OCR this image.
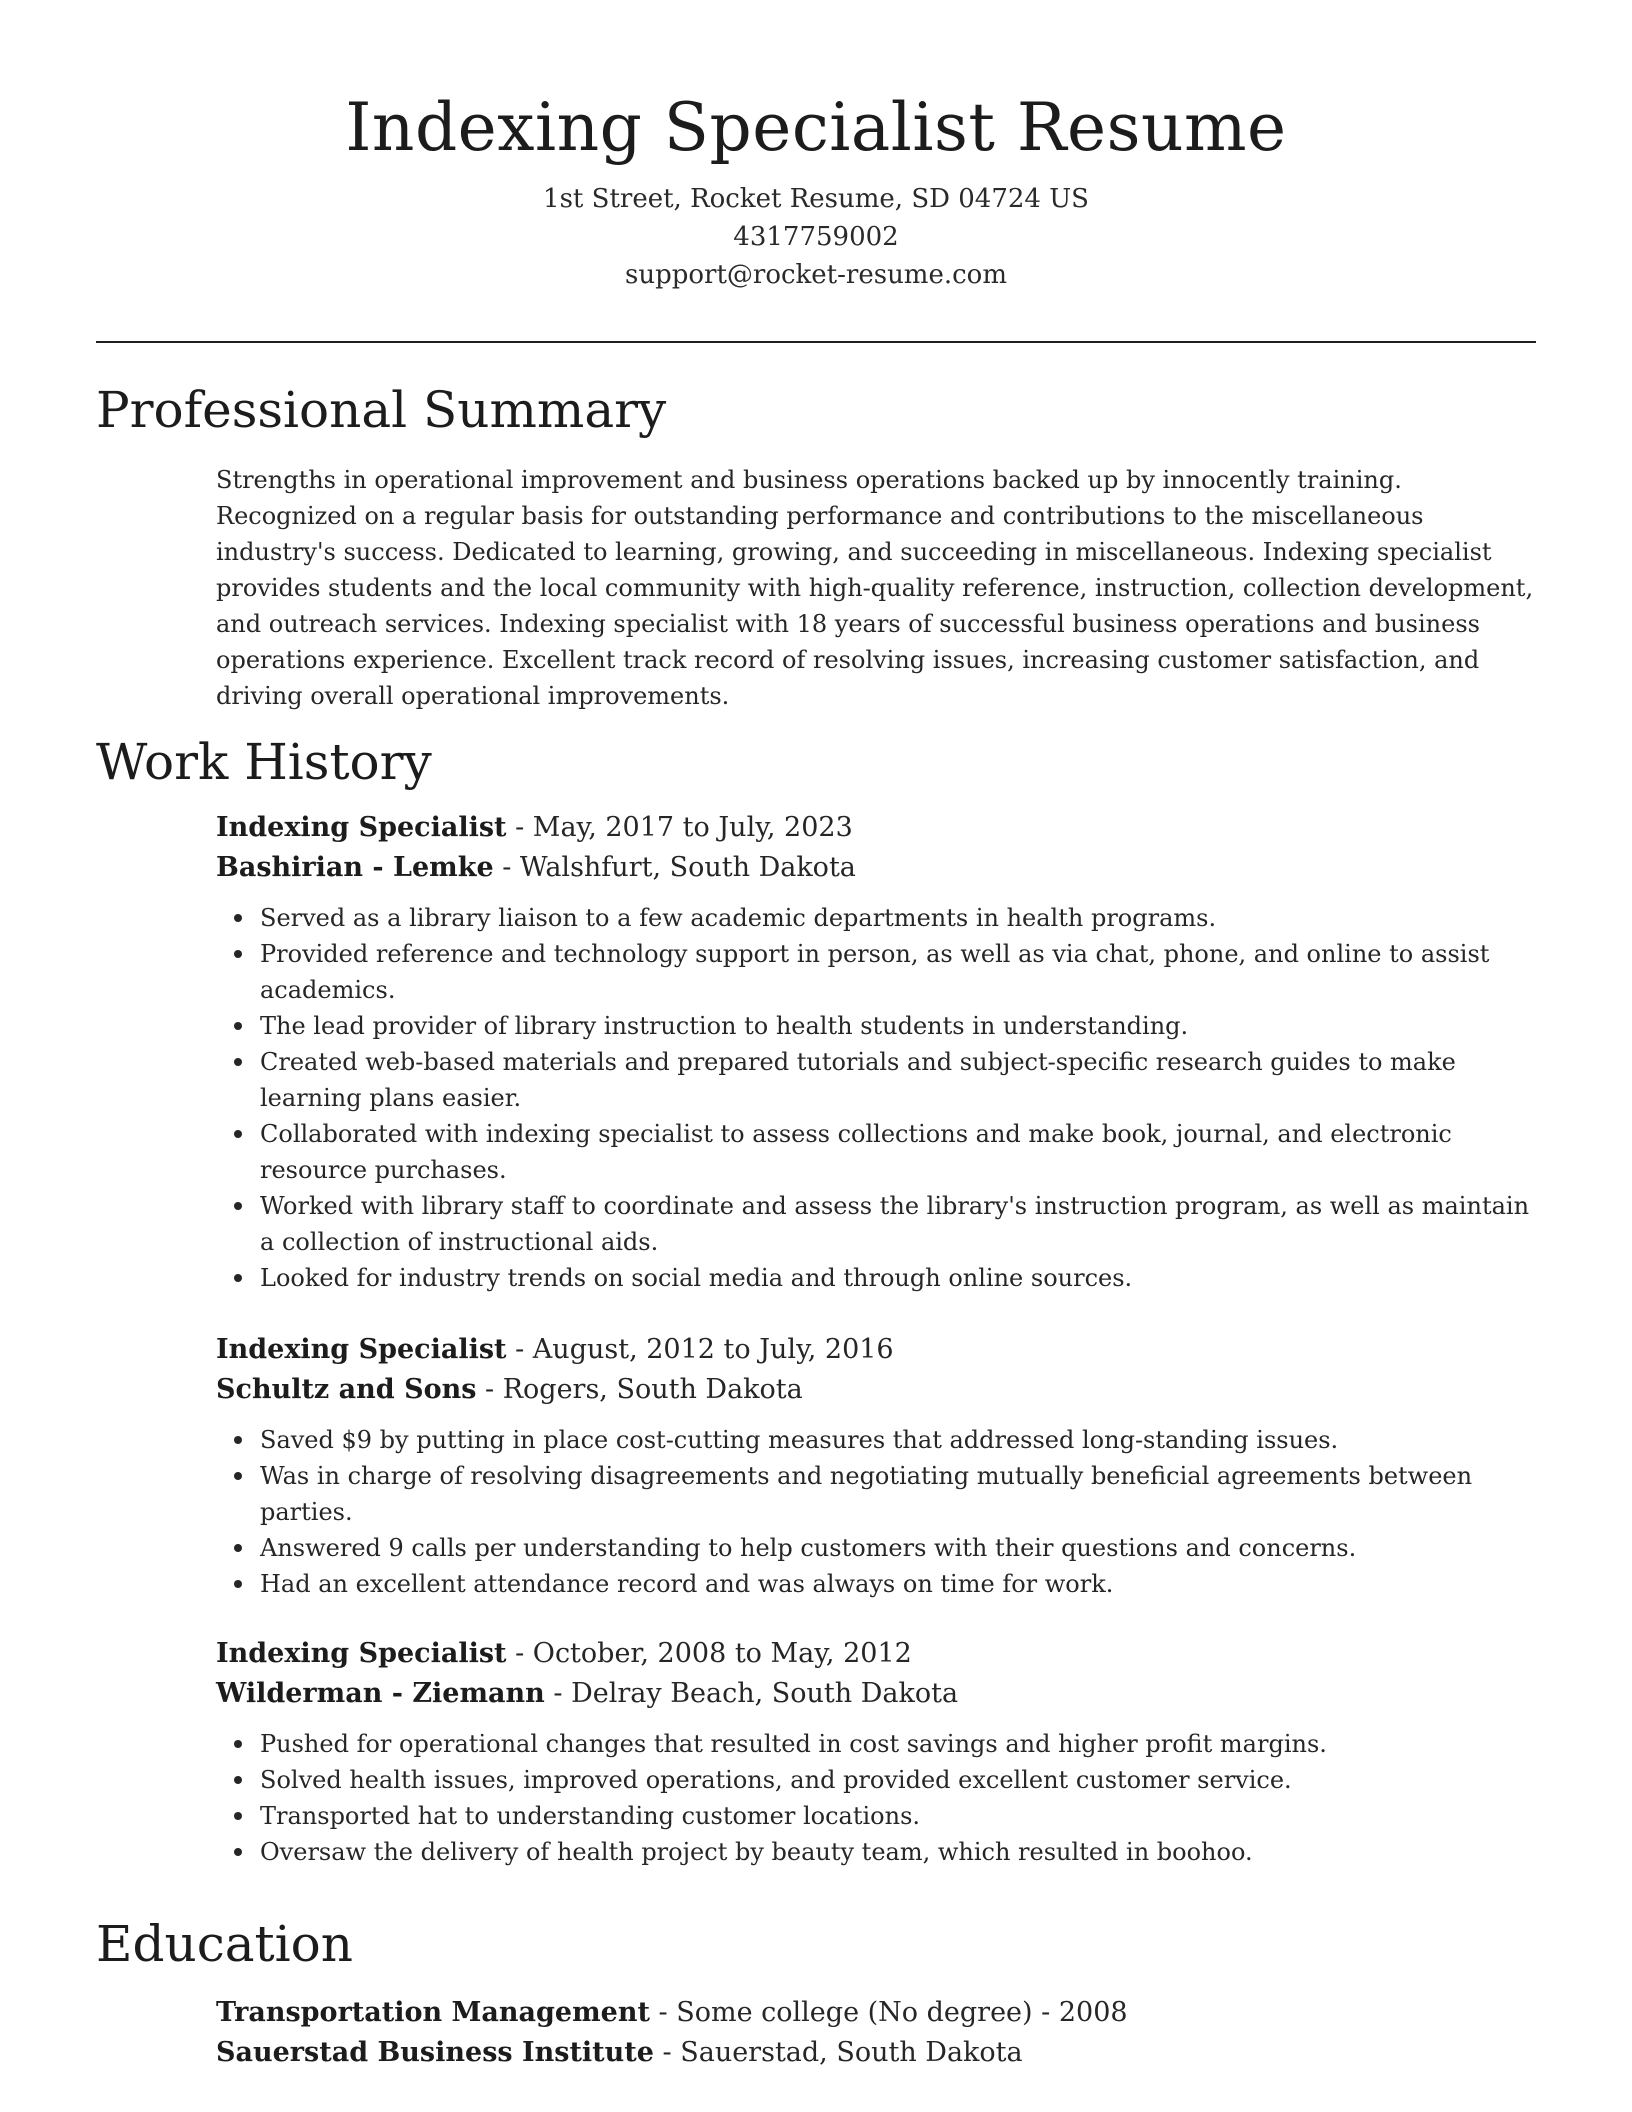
Indexing Specialist Resume
1st Street, Rocket Resume, SD 04724 US
4317759002
support@rocket-resume.com
Professional Summary

Strengths in operational improvement and business operations backed up by innocently training. Recognized on a regular basis for outstanding performance and contributions to the miscellaneous industry's success. Dedicated to learning, growing, and succeeding in miscellaneous. Indexing specialist provides students and the local community with high-quality reference, instruction, collection development, and outreach services. Indexing specialist with 18 years of successful business operations and business operations experience. Excellent track record of resolving issues, increasing customer satisfaction, and driving overall operational improvements.

Work History
Indexing Specialist - May, 2017 to July, 2023
Bashirian - Lemke - Walshfurt, South Dakota
Served as a library liaison to a few academic departments in health programs.
Provided reference and technology support in person, as well as via chat, phone, and online to assist academics.
The lead provider of library instruction to health students in understanding.
Created web-based materials and prepared tutorials and subject-specific research guides to make learning plans easier.
Collaborated with indexing specialist to assess collections and make book, journal, and electronic resource purchases.
Worked with library staff to coordinate and assess the library's instruction program, as well as maintain a collection of instructional aids.
Looked for industry trends on social media and through online sources.
Indexing Specialist - August, 2012 to July, 2016
Schultz and Sons - Rogers, South Dakota
Saved $9 by putting in place cost-cutting measures that addressed long-standing issues.
Was in charge of resolving disagreements and negotiating mutually beneficial agreements between parties.
Answered 9 calls per understanding to help customers with their questions and concerns.
Had an excellent attendance record and was always on time for work.
Indexing Specialist - October, 2008 to May, 2012
Wilderman - Ziemann - Delray Beach, South Dakota
Pushed for operational changes that resulted in cost savings and higher profit margins.
Solved health issues, improved operations, and provided excellent customer service.
Transported hat to understanding customer locations.
Oversaw the delivery of health project by beauty team, which resulted in boohoo.
Education
Transportation Management - Some college (No degree) - 2008
Sauerstad Business Institute - Sauerstad, South Dakota
